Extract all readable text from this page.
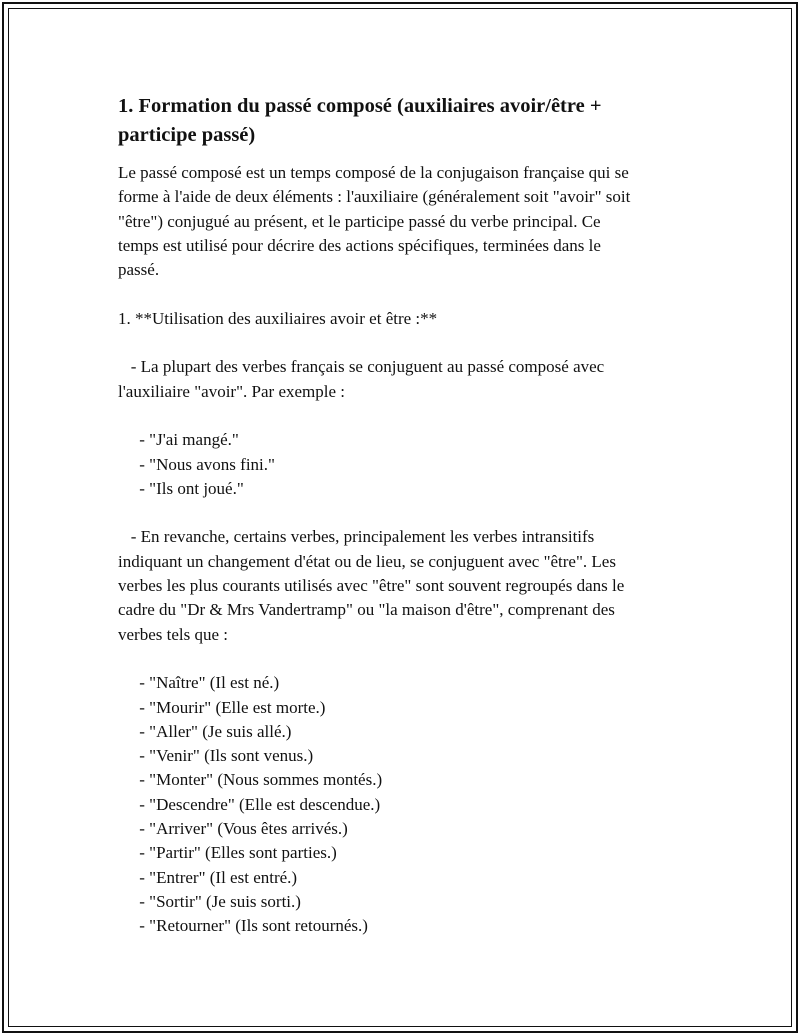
1. Formation du passé composé (auxiliaires avoir/être +
participe passé)

Le passé composé est un temps composé de la conjugaison française qui se
forme à l'aide de deux éléments : l'auxiliaire (généralement soit "avoir" soit
"être") conjugué au présent, et le participe passé du verbe principal. Ce
temps est utilisé pour décrire des actions spécifiques, terminées dans le
passé.

1. **Utilisation des auxiliaires avoir et être :**

- La plupart des verbes français se conjuguent au passé composé avec
l'auxiliaire "avoir". Par exemple :

- "J'ai mangé."

- "Nous avons fini."

- "Ils ont joué."

- En revanche, certains verbes, principalement les verbes intransitifs
indiquant un changement d'état ou de lieu, se conjuguent avec "être". Les
verbes les plus courants utilisés avec "être" sont souvent regroupés dans le
cadre du "Dr & Mrs Vandertramp" ou "la maison d'être", comprenant des
verbes tels que :

- "Naître" (Il est né.)

- "Mourir" (Elle est morte.)

- "Aller" (Je suis allé.)

- "Venir" (Ils sont venus.)

- "Monter" (Nous sommes montés.)

- "Descendre" (Elle est descendue.)

- "Arriver" (Vous êtes arrivés.)

- "Partir" (Elles sont parties.)

- "Entrer" (Il est entré.)

- "Sortir" (Je suis sorti.)

- "Retourner" (Ils sont retournés.)
